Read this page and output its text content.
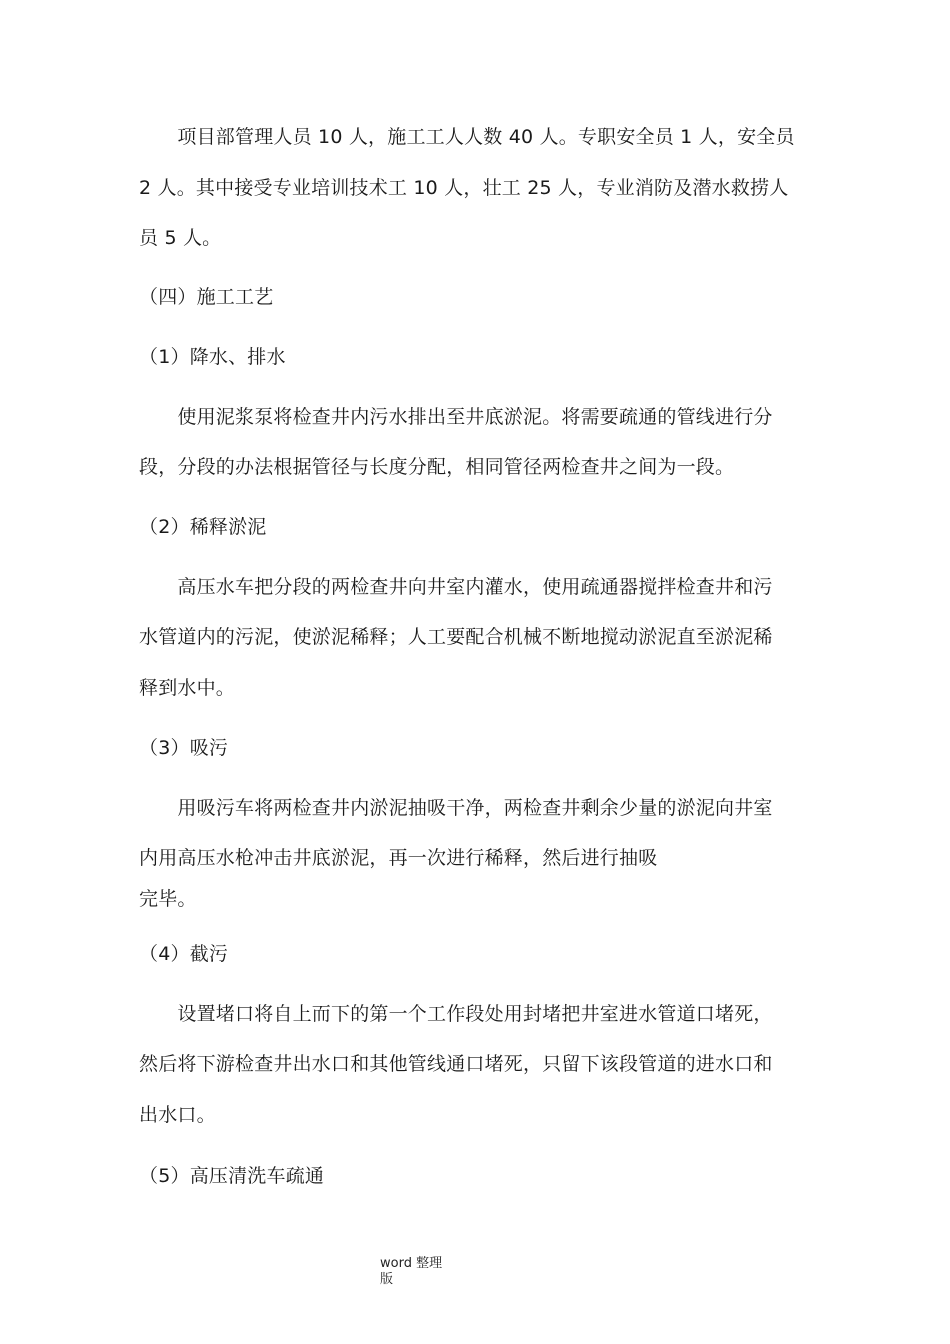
　　项目部管理人员 10 人，施工工人人数 40 人。专职安全员 1 人，安全员
2 人。其中接受专业培训技术工 10 人，壮工 25 人，专业消防及潜水救捞人
员 5 人。
（四）施工工艺
（1）降水、排水
　　使用泥浆泵将检查井内污水排出至井底淤泥。将需要疏通的管线进行分
段，分段的办法根据管径与长度分配，相同管径两检查井之间为一段。
（2）稀释淤泥
　　高压水车把分段的两检查井向井室内灌水，使用疏通器搅拌检查井和污
水管道内的污泥，使淤泥稀释；人工要配合机械不断地搅动淤泥直至淤泥稀
释到水中。
（3）吸污
　　用吸污车将两检查井内淤泥抽吸干净，两检查井剩余少量的淤泥向井室
内用高压水枪冲击井底淤泥，再一次进行稀释，然后进行抽吸
完毕。
（4）截污
　　设置堵口将自上而下的第一个工作段处用封堵把井室进水管道口堵死，
然后将下游检查井出水口和其他管线通口堵死，只留下该段管道的进水口和
出水口。
（5）高压清洗车疏通
word 整理
版
